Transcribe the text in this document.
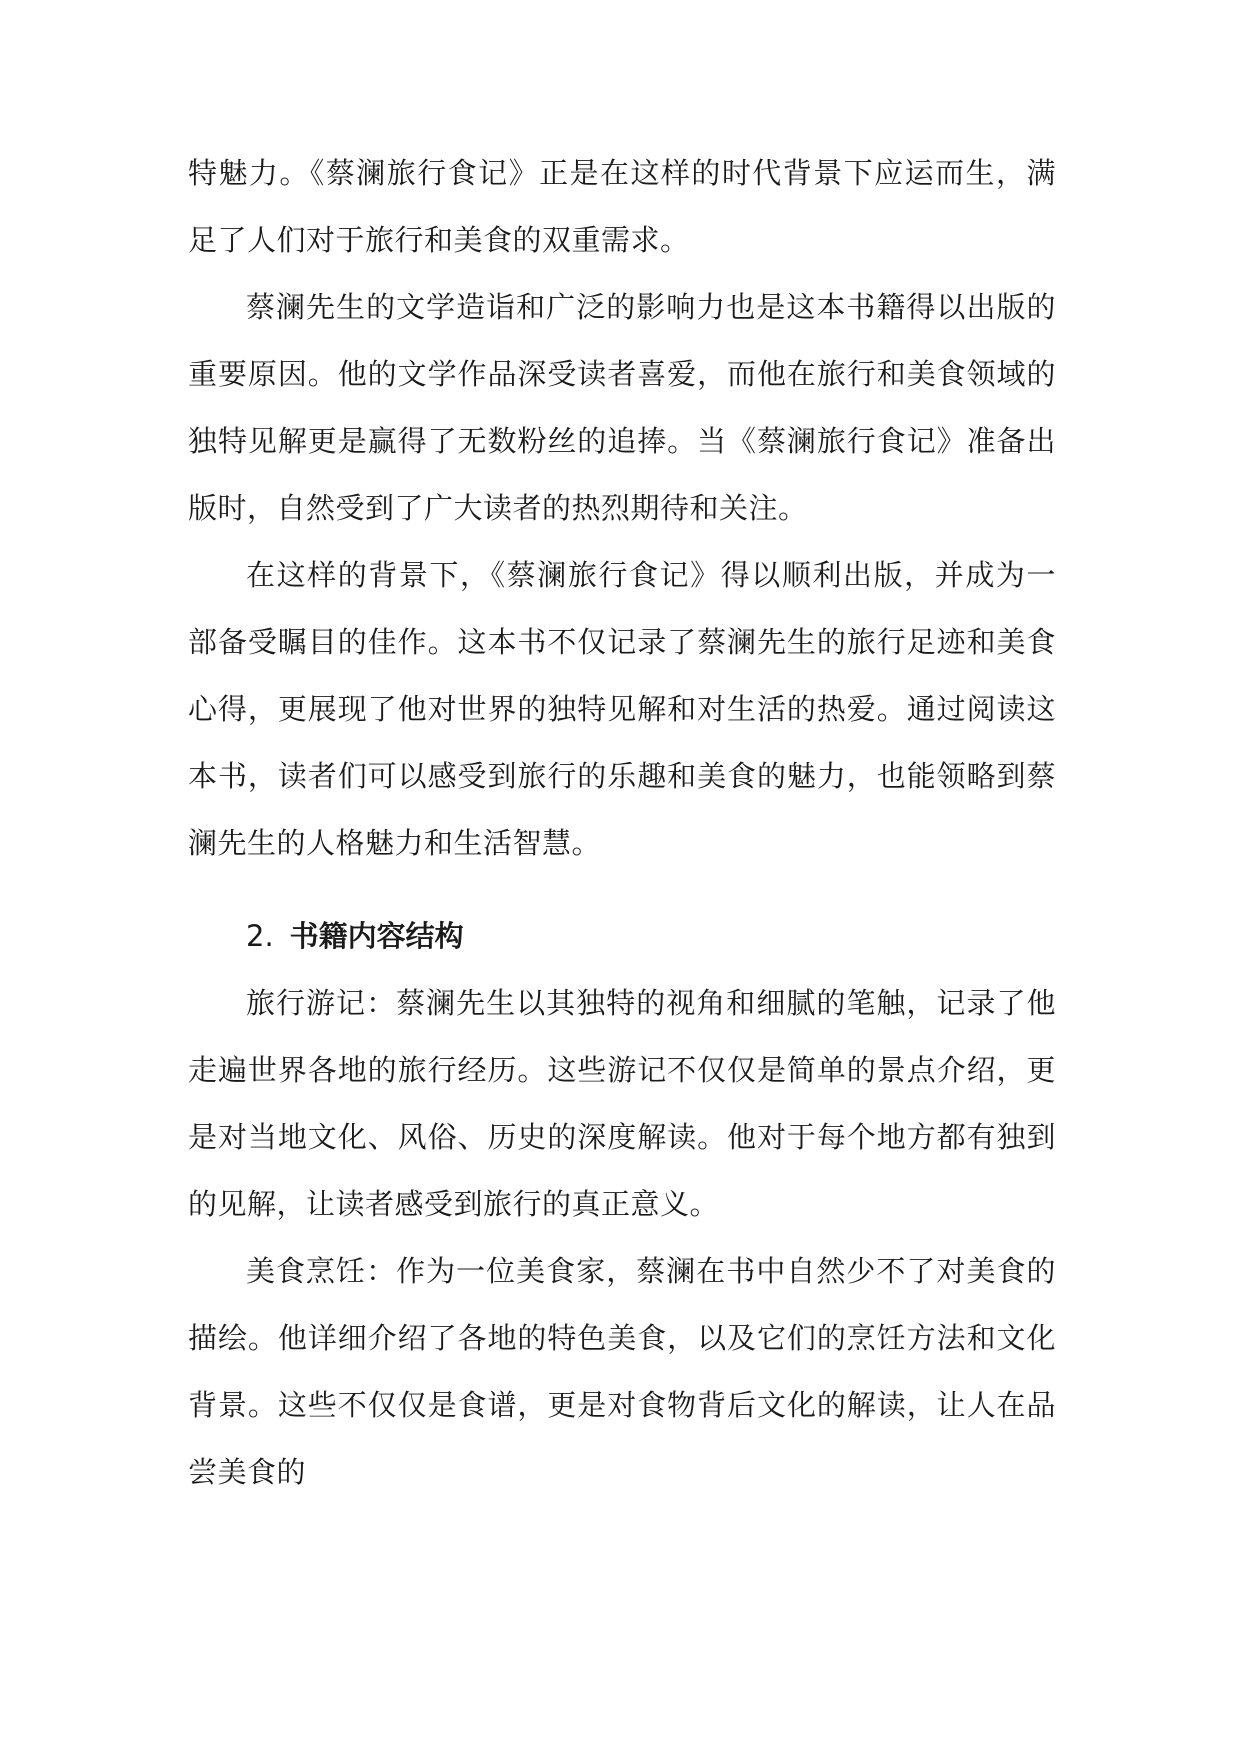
特魅力。《蔡澜旅行食记》正是在这样的时代背景下应运而生，满足了人们对于旅行和美食的双重需求。

蔡澜先生的文学造诣和广泛的影响力也是这本书籍得以出版的重要原因。他的文学作品深受读者喜爱，而他在旅行和美食领域的独特见解更是赢得了无数粉丝的追捧。当《蔡澜旅行食记》准备出版时，自然受到了广大读者的热烈期待和关注。

在这样的背景下，《蔡澜旅行食记》得以顺利出版，并成为一部备受瞩目的佳作。这本书不仅记录了蔡澜先生的旅行足迹和美食心得，更展现了他对世界的独特见解和对生活的热爱。通过阅读这本书，读者们可以感受到旅行的乐趣和美食的魅力，也能领略到蔡澜先生的人格魅力和生活智慧。

2. 书籍内容结构

旅行游记：蔡澜先生以其独特的视角和细腻的笔触，记录了他走遍世界各地的旅行经历。这些游记不仅仅是简单的景点介绍，更是对当地文化、风俗、历史的深度解读。他对于每个地方都有独到的见解，让读者感受到旅行的真正意义。

美食烹饪：作为一位美食家，蔡澜在书中自然少不了对美食的描绘。他详细介绍了各地的特色美食，以及它们的烹饪方法和文化背景。这些不仅仅是食谱，更是对食物背后文化的解读，让人在品尝美食的
